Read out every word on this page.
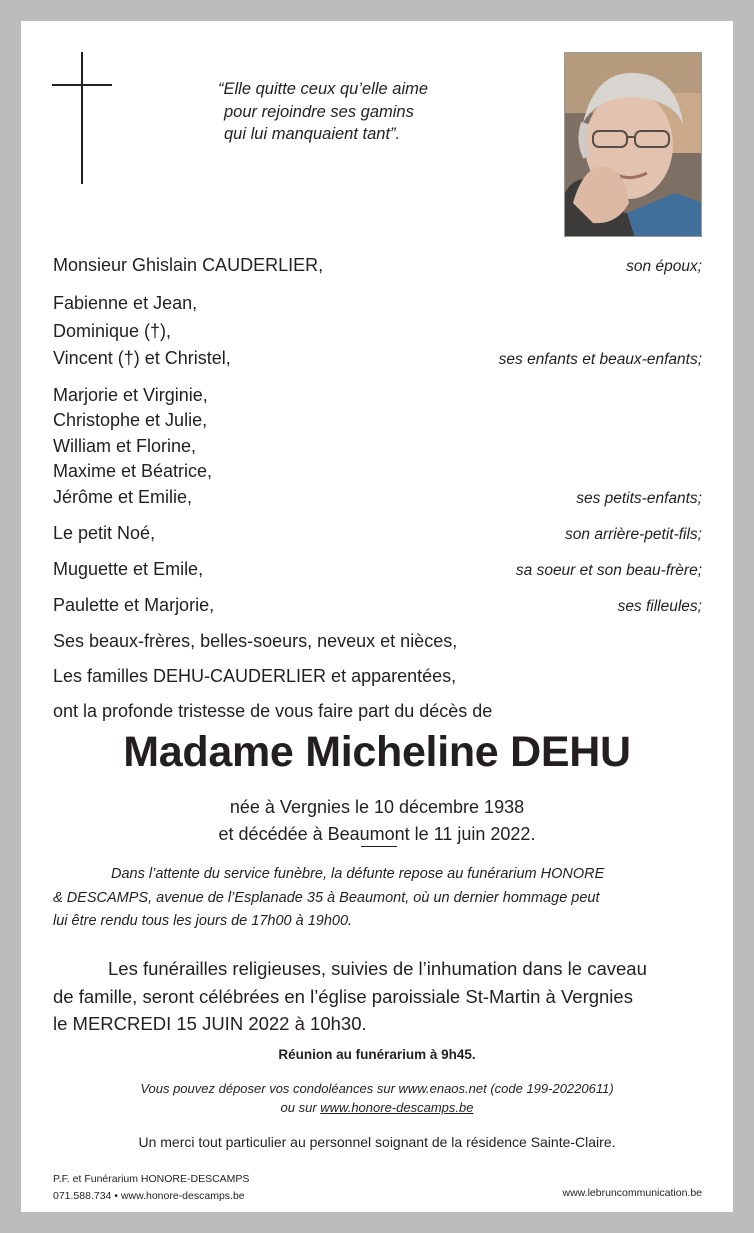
“Elle quitte ceux qu’elle aime
pour rejoindre ses gamins
qui lui manquaient tant”.
Monsieur Ghislain CAUDERLIER,	son époux;
Fabienne et Jean,
Dominique (†),
Vincent (†) et Christel,	ses enfants et beaux-enfants;
Marjorie et Virginie,
Christophe et Julie,
William et Florine,
Maxime et Béatrice,
Jérôme et Emilie,	ses petits-enfants;
Le petit Noé,	son arrière-petit-fils;
Muguette et Emile,	sa soeur et son beau-frère;
Paulette et Marjorie,	ses filleules;
Ses beaux-frères, belles-soeurs, neveux et nièces,
Les familles DEHU-CAUDERLIER et apparentées,
ont la profonde tristesse de vous faire part du décès de
Madame Micheline DEHU
née à Vergnies le 10 décembre 1938
et décédée à Beaumont le 11 juin 2022.
Dans l’attente du service funèbre, la défunte repose au funérarium HONORE
& DESCAMPS, avenue de l’Esplanade 35 à Beaumont, où un dernier hommage peut
lui être rendu tous les jours de 17h00 à 19h00.
Les funérailles religieuses, suivies de l’inhumation dans le caveau
de famille, seront célébrées en l’église paroissiale St-Martin à Vergnies
le MERCREDI 15 JUIN 2022 à 10h30.
Réunion au funérarium à 9h45.
Vous pouvez déposer vos condoléances sur www.enaos.net (code 199-20220611)
ou sur www.honore-descamps.be
Un merci tout particulier au personnel soignant de la résidence Sainte-Claire.
P.F. et Funérarium HONORE-DESCAMPS
071.588.734 • www.honore-descamps.be	www.lebruncommunication.be
